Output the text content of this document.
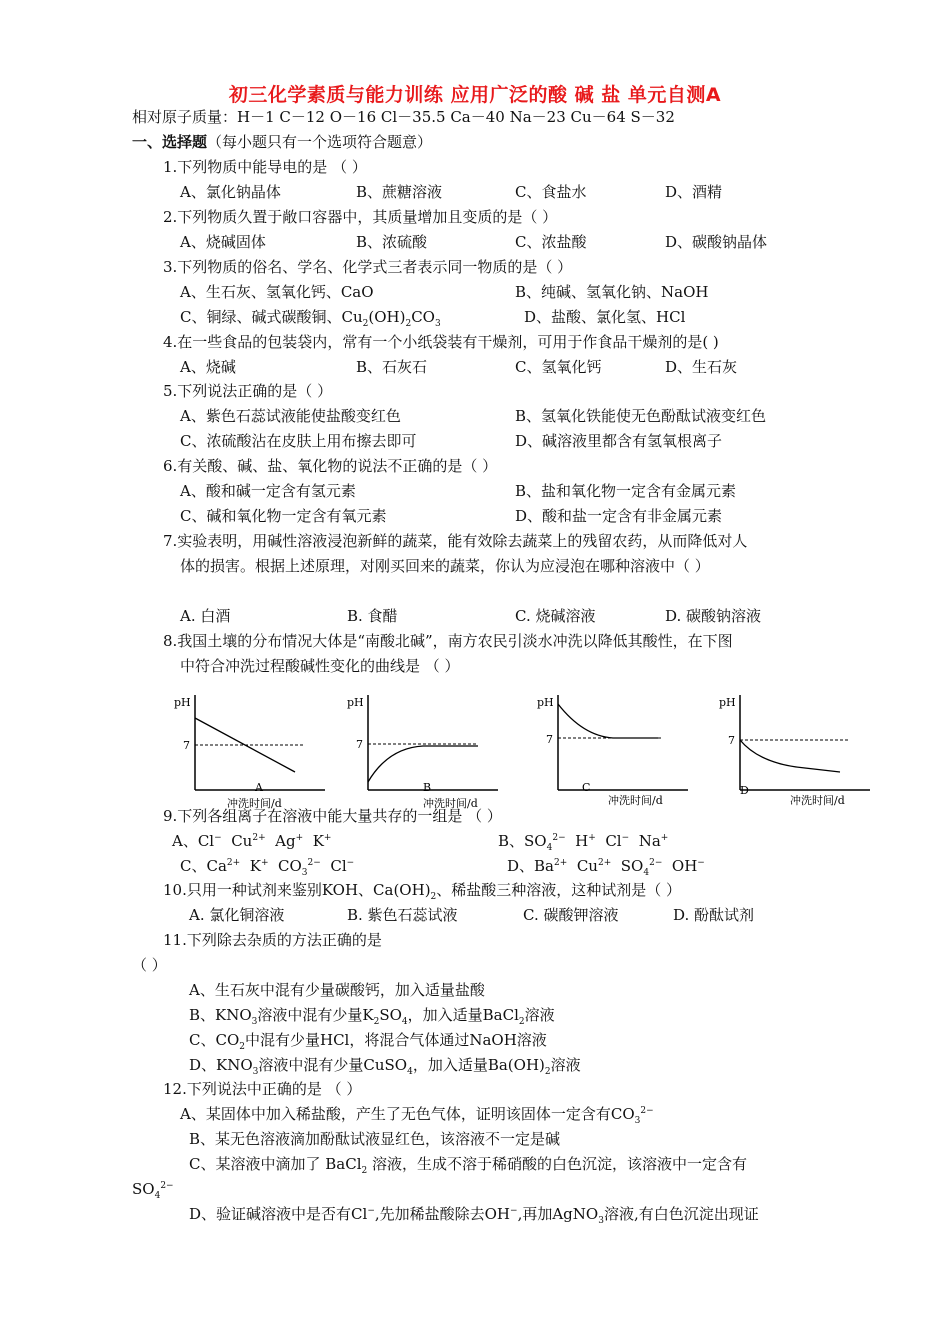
初三化学素质与能力训练 应用广泛的酸 碱 盐 单元自测A
相对原子质量：H－1 C－12 O－16 Cl－35.5 Ca－40 Na－23 Cu－64 S－32
一、选择题（每小题只有一个选项符合题意）
1.下列物质中能导电的是 （ ）
A、氯化钠晶体	B、蔗糖溶液	C、食盐水	D、酒精
2.下列物质久置于敞口容器中，其质量增加且变质的是（ ）
A、烧碱固体	B、浓硫酸	C、浓盐酸	D、碳酸钠晶体
3.下列物质的俗名、学名、化学式三者表示同一物质的是（ ）
A、生石灰、氢氧化钙、CaO	B、纯碱、氢氧化钠、NaOH
C、铜绿、碱式碳酸铜、$Cu_2(OH)_2CO_3$	D、盐酸、氯化氢、HCl
4.在一些食品的包装袋内，常有一个小纸袋装有干燥剂，可用于作食品干燥剂的是( )
A、烧碱	B、石灰石	C、氢氧化钙	D、生石灰
5.下列说法正确的是（ ）
A、紫色石蕊试液能使盐酸变红色	B、氢氧化铁能使无色酚酞试液变红色
C、浓硫酸沾在皮肤上用布擦去即可	D、碱溶液里都含有氢氧根离子
6.有关酸、碱、盐、氧化物的说法不正确的是（ ）
A、酸和碱一定含有氢元素	B、盐和氧化物一定含有金属元素
C、碱和氧化物一定含有氧元素	D、酸和盐一定含有非金属元素
7.实验表明，用碱性溶液浸泡新鲜的蔬菜，能有效除去蔬菜上的残留农药，从而降低对人
体的损害。根据上述原理，对刚买回来的蔬菜，你认为应浸泡在哪种溶液中（ ）
A. 白酒	B. 食醋	C. 烧碱溶液	D. 碳酸钠溶液
8.我国土壤的分布情况大体是“南酸北碱”，南方农民引淡水冲洗以降低其酸性，在下图
中符合冲洗过程酸碱性变化的曲线是 （ ）
pH
7
A
冲洗时间/d
pH
7
B
冲洗时间/d
pH
7
C
冲洗时间/d
pH
7
D
冲洗时间/d
9.下列各组离子在溶液中能大量共存的一组是 （ ）
A、Cl−  $Cu^{2+}$  Ag+  K+	B、$SO_4^{2-}$  H+  Cl−  Na+
C、$Ca^{2+}$  K+  $CO_3^{2-}$  Cl−	D、$Ba^{2+}$  $Cu^{2+}$  $SO_4^{2-}$  OH−
10.只用一种试剂来鉴别KOH、$Ca(OH)_2$、稀盐酸三种溶液，这种试剂是（ ）
A. 氯化铜溶液	B. 紫色石蕊试液	C. 碳酸钾溶液	D. 酚酞试剂
11.下列除去杂质的方法正确的是
（ ）
A、生石灰中混有少量碳酸钙，加入适量盐酸
B、$KNO_3$溶液中混有少量$K_2SO_4$，加入适量BaCl$_2$溶液
C、$CO_2$中混有少量HCl，将混合气体通过NaOH溶液
D、$KNO_3$溶液中混有少量CuSO$_4$，加入适量$Ba(OH)_2$溶液
12.下列说法中正确的是 （ ）
A、某固体中加入稀盐酸，产生了无色气体，证明该固体一定含有$CO_3^{2-}$
B、某无色溶液滴加酚酞试液显红色，该溶液不一定是碱
C、某溶液中滴加了 BaCl$_2$ 溶液，生成不溶于稀硝酸的白色沉淀，该溶液中一定含有
$SO_4^{2-}$
D、验证碱溶液中是否有Cl−,先加稀盐酸除去OH−,再加AgNO$_3$溶液,有白色沉淀出现证
